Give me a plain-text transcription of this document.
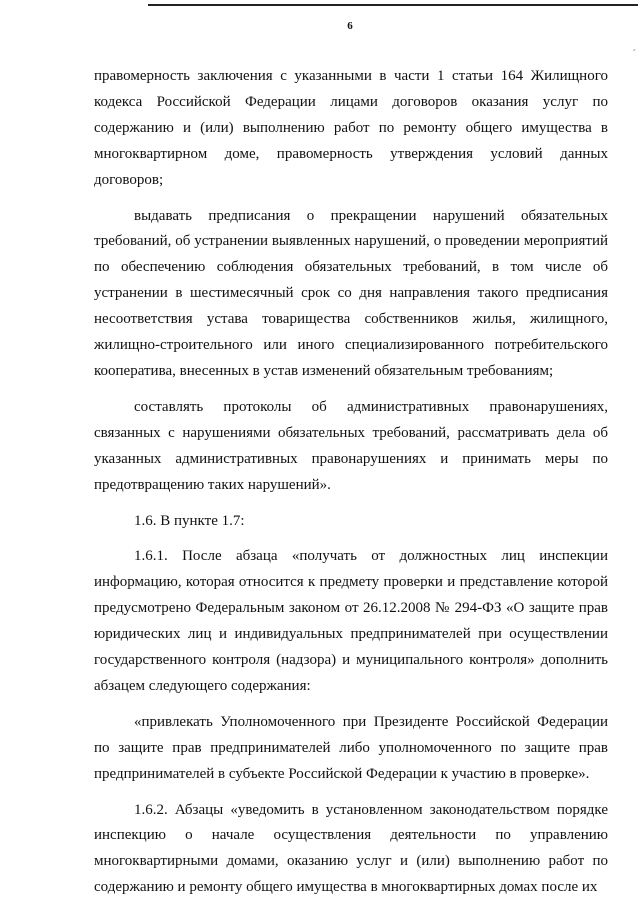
´
6

правомерность заключения с указанными в части 1 статьи 164 Жилищного кодекса Российской Федерации лицами договоров оказания услуг по содержанию и (или) выполнению работ по ремонту общего имущества в многоквартирном доме, правомерность утверждения условий данных договоров;

выдавать предписания о прекращении нарушений обязательных требований, об устранении выявленных нарушений, о проведении мероприятий по обеспечению соблюдения обязательных требований, в том числе об устранении в шестимесячный срок со дня направления такого предписания несоответствия устава товарищества собственников жилья, жилищного, жилищно-строительного или иного специализированного потребительского кооператива, внесенных в устав изменений обязательным требованиям;

составлять протоколы об административных правонарушениях, связанных с нарушениями обязательных требований, рассматривать дела об указанных административных правонарушениях и принимать меры по предотвращению таких нарушений».

1.6. В пункте 1.7:

1.6.1. После абзаца «получать от должностных лиц инспекции информацию, которая относится к предмету проверки и представление которой предусмотрено Федеральным законом от 26.12.2008 № 294-ФЗ «О защите прав юридических лиц и индивидуальных предпринимателей при осуществлении государственного контроля (надзора) и муниципального контроля» дополнить абзацем следующего содержания:

«привлекать Уполномоченного при Президенте Российской Федерации по защите прав предпринимателей либо уполномоченного по защите прав предпринимателей в субъекте Российской Федерации к участию в проверке».

1.6.2. Абзацы «уведомить в установленном законодательством порядке инспекцию о начале осуществления деятельности по управлению многоквартирными домами, оказанию услуг и (или) выполнению работ по содержанию и ремонту общего имущества в многоквартирных домах после их
